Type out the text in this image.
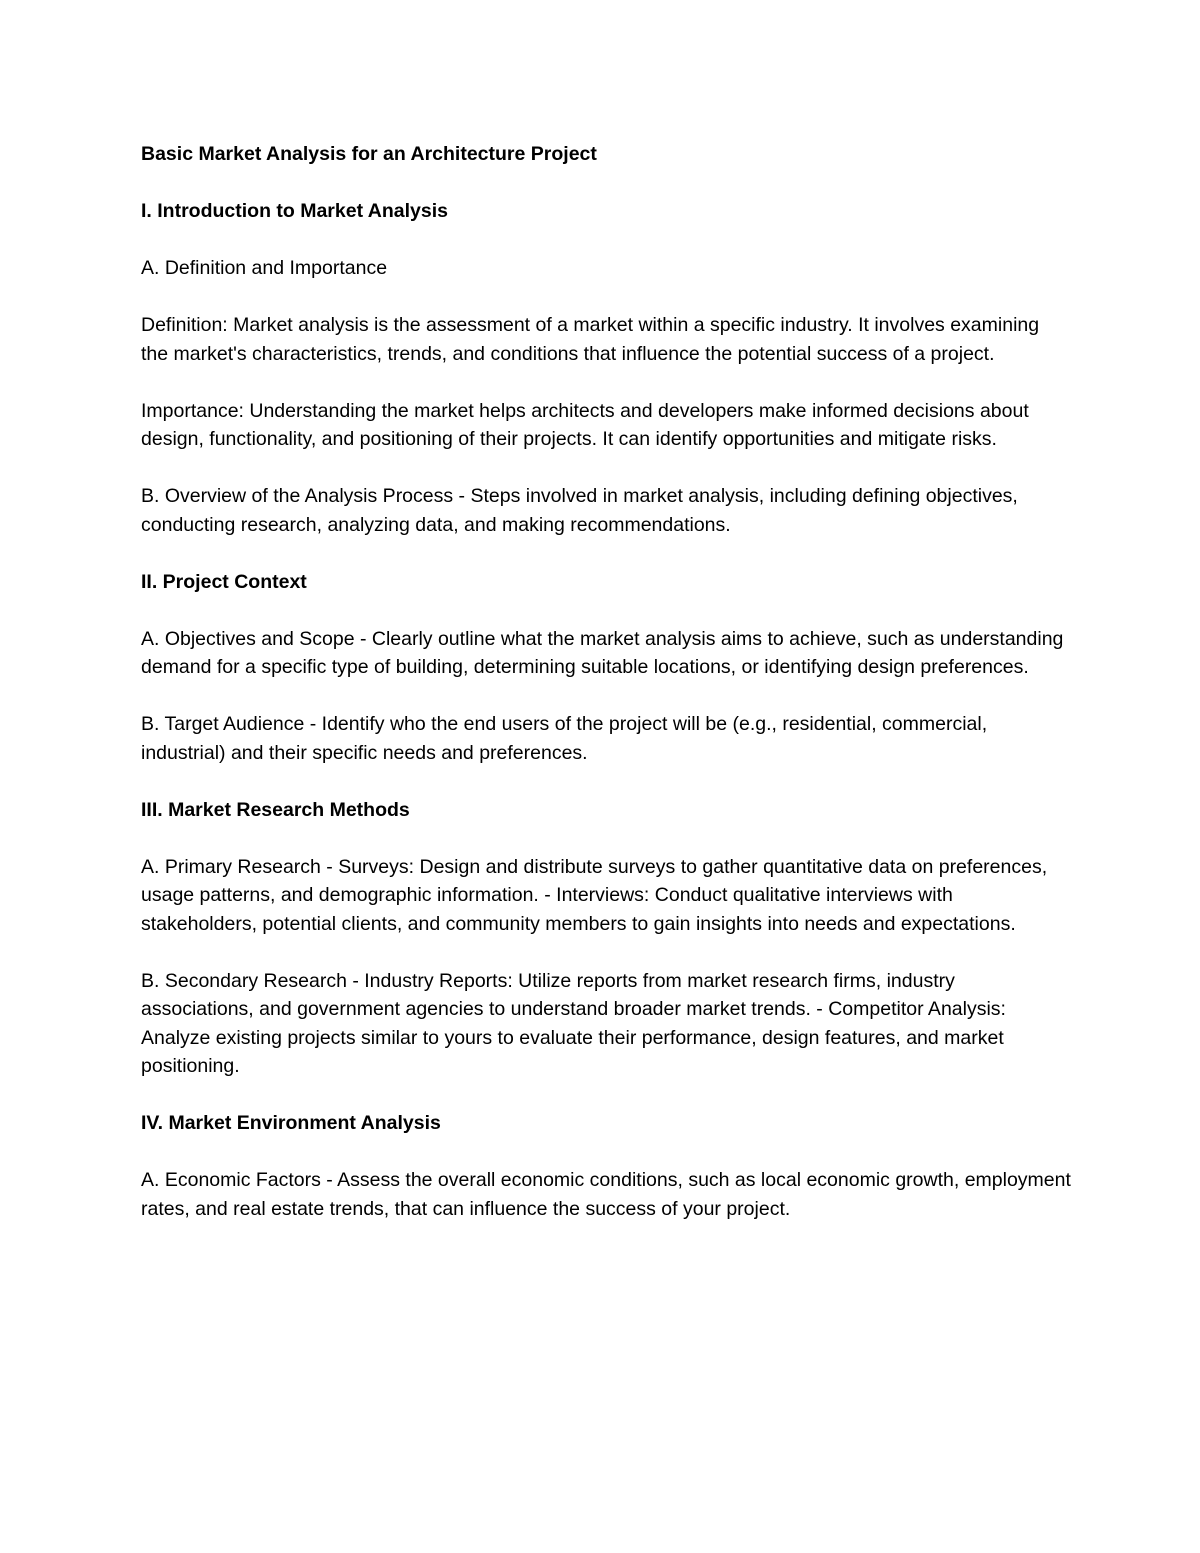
Basic Market Analysis for an Architecture Project

I. Introduction to Market Analysis

A. Definition and Importance

Definition: Market analysis is the assessment of a market within a specific industry. It involves examining the market's characteristics, trends, and conditions that influence the potential success of a project.

Importance: Understanding the market helps architects and developers make informed decisions about design, functionality, and positioning of their projects. It can identify opportunities and mitigate risks.

B. Overview of the Analysis Process - Steps involved in market analysis, including defining objectives, conducting research, analyzing data, and making recommendations.

II. Project Context

A. Objectives and Scope - Clearly outline what the market analysis aims to achieve, such as understanding demand for a specific type of building, determining suitable locations, or identifying design preferences.

B. Target Audience - Identify who the end users of the project will be (e.g., residential, commercial, industrial) and their specific needs and preferences.

III. Market Research Methods

A. Primary Research - Surveys: Design and distribute surveys to gather quantitative data on preferences, usage patterns, and demographic information. - Interviews: Conduct qualitative interviews with stakeholders, potential clients, and community members to gain insights into needs and expectations.

B. Secondary Research - Industry Reports: Utilize reports from market research firms, industry associations, and government agencies to understand broader market trends. - Competitor Analysis: Analyze existing projects similar to yours to evaluate their performance, design features, and market positioning.

IV. Market Environment Analysis

A. Economic Factors - Assess the overall economic conditions, such as local economic growth, employment rates, and real estate trends, that can influence the success of your project.
